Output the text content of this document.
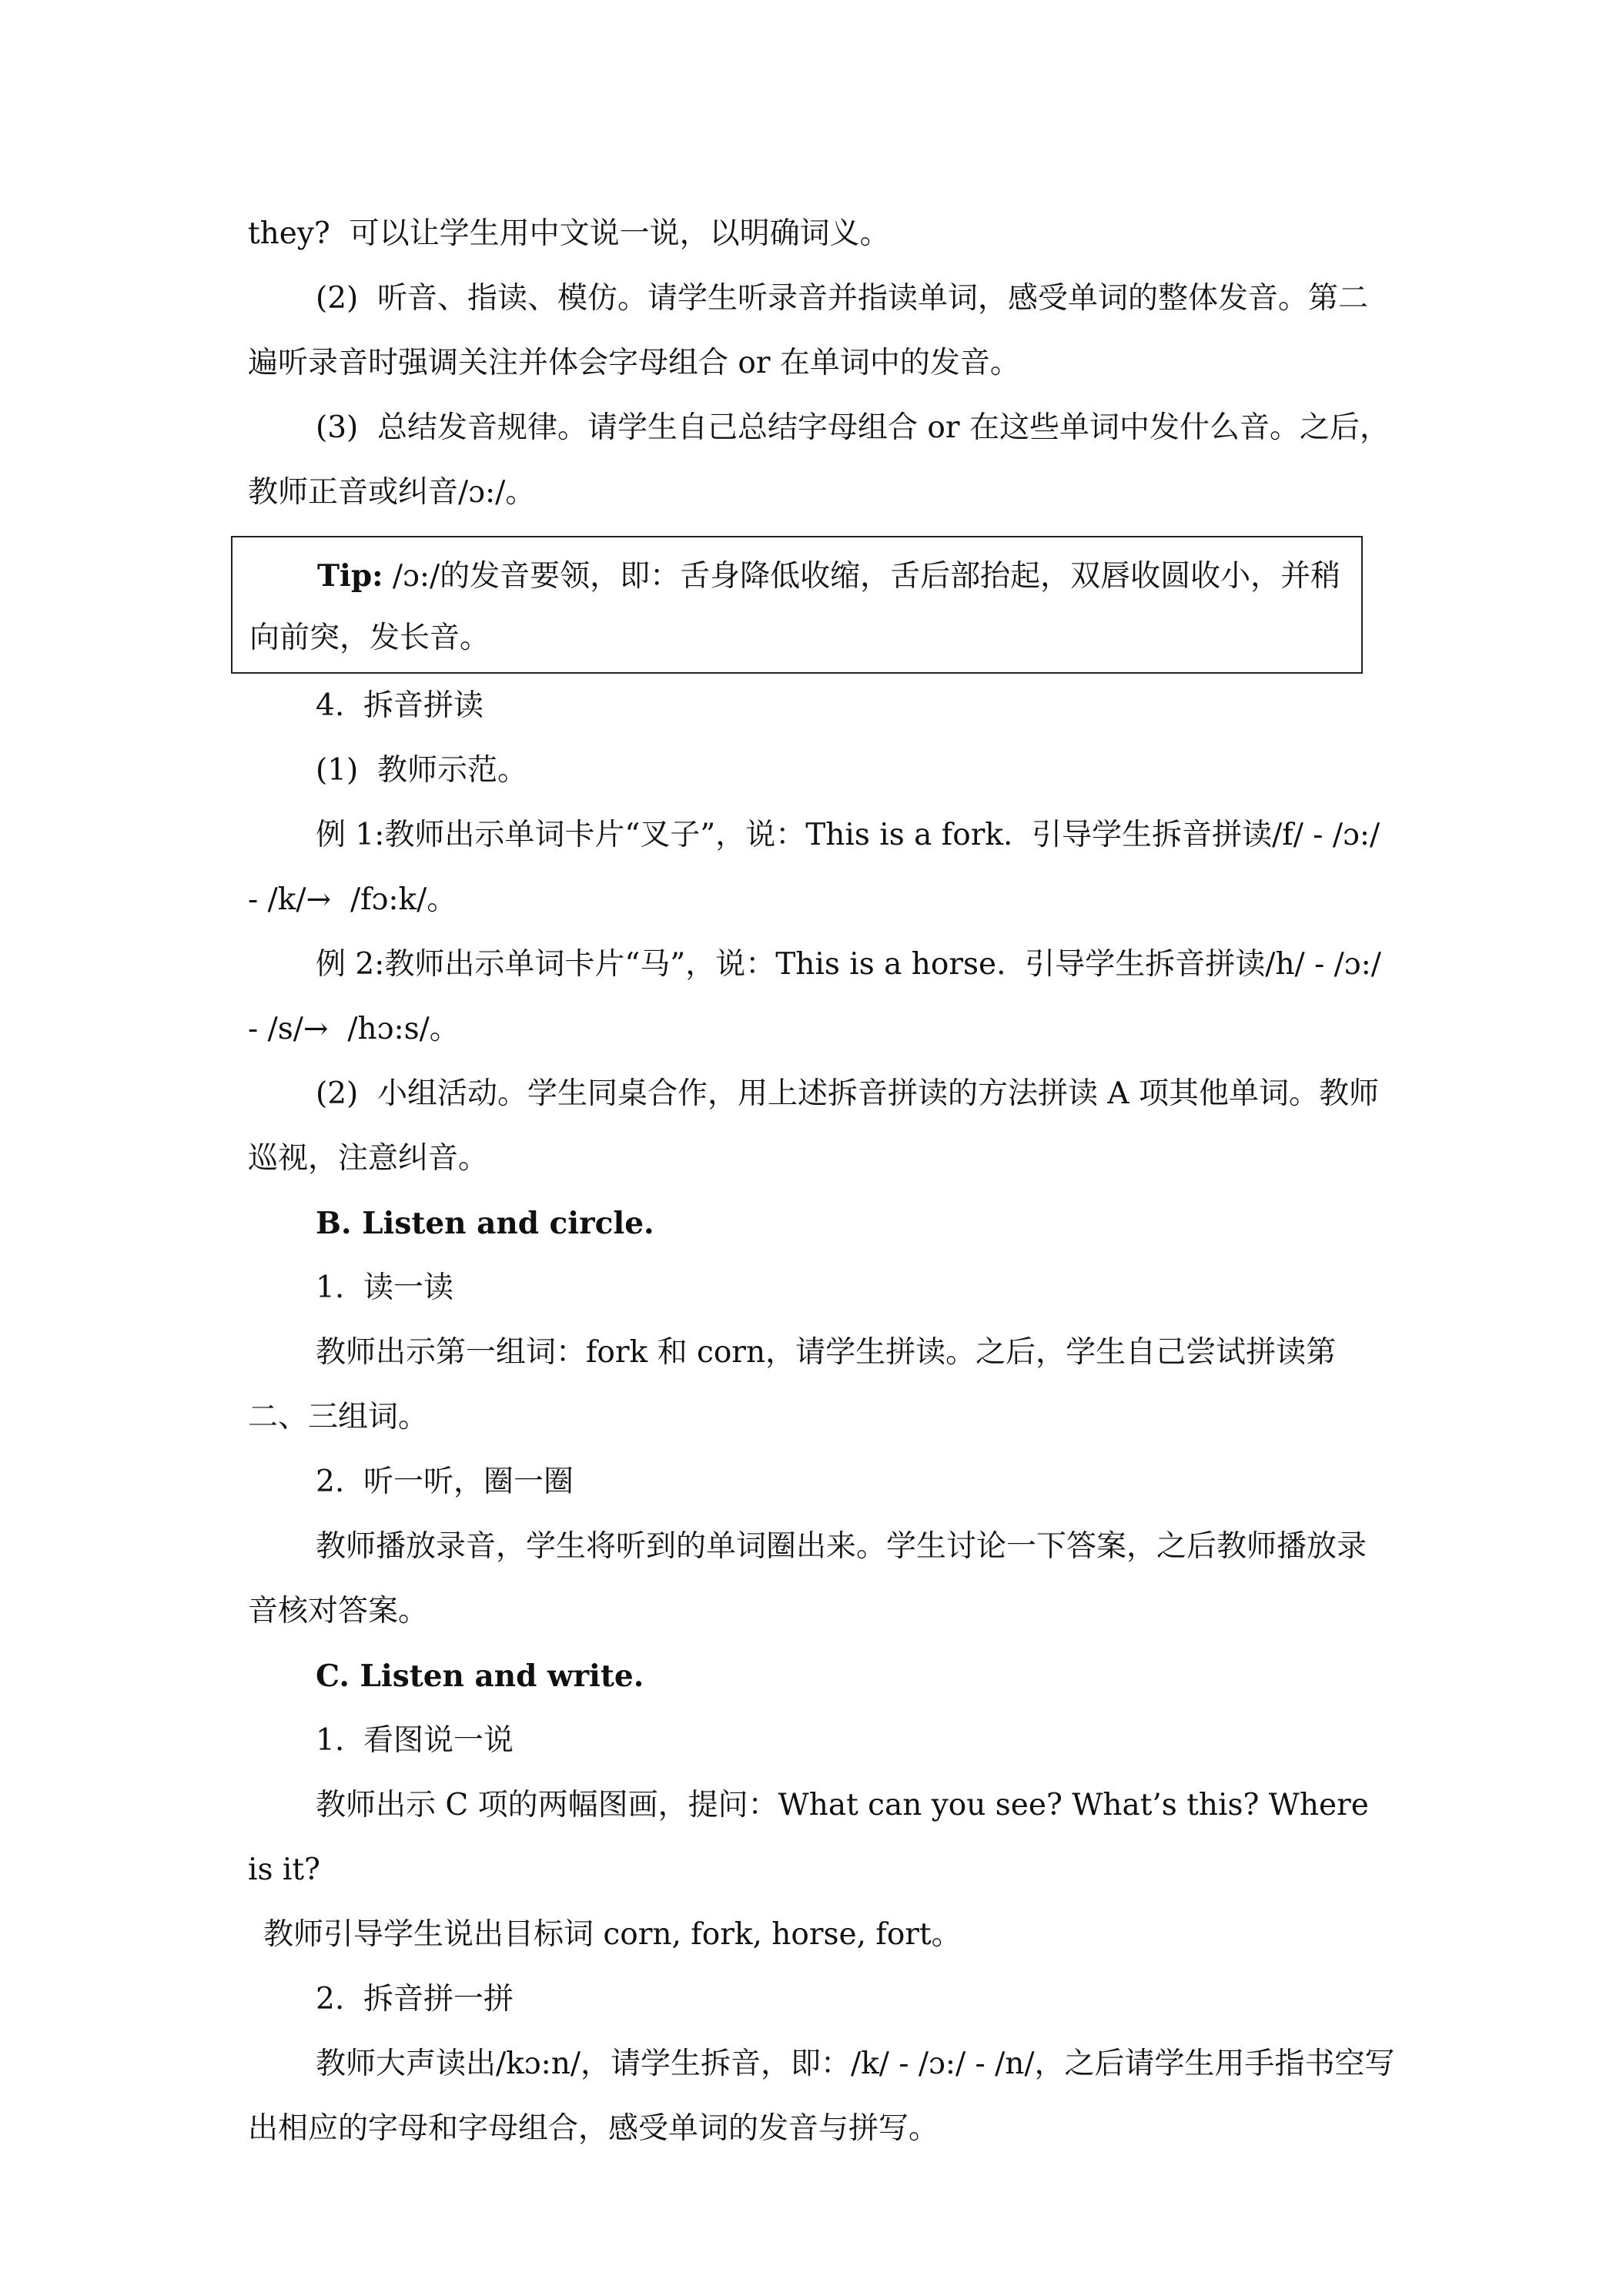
they?  可以让学生用中文说一说，以明确词义。

(2)  听音、指读、模仿。请学生听录音并指读单词，感受单词的整体发音。第二遍听录音时强调关注并体会字母组合 or 在单词中的发音。

(3)  总结发音规律。请学生自己总结字母组合 or 在这些单词中发什么音。之后，教师正音或纠音/ɔ:/。

Tip: /ɔ:/的发音要领，即：舌身降低收缩，舌后部抬起，双唇收圆收小，并稍向前突，发长音。

4.  拆音拼读

(1)  教师示范。

例 1:教师出示单词卡片“叉子”，说：This is a fork.  引导学生拆音拼读/f/ - /ɔ:/ - /k/→  /fɔ:k/。

例 2:教师出示单词卡片“马”，说：This is a horse.  引导学生拆音拼读/h/ - /ɔ:/ - /s/→  /hɔ:s/。

(2)  小组活动。学生同桌合作，用上述拆音拼读的方法拼读 A 项其他单词。教师巡视，注意纠音。

B. Listen and circle.

1.  读一读

教师出示第一组词：fork 和 corn，请学生拼读。之后，学生自己尝试拼读第二、三组词。

2.  听一听，圈一圈

教师播放录音，学生将听到的单词圈出来。学生讨论一下答案，之后教师播放录音核对答案。

C. Listen and write.

1.  看图说一说

教师出示 C 项的两幅图画，提问：What can you see? What’s this? Where is it?

教师引导学生说出目标词 corn, fork, horse, fort。

2.  拆音拼一拼

教师大声读出/kɔ:n/，请学生拆音，即：/k/ - /ɔ:/ - /n/，之后请学生用手指书空写出相应的字母和字母组合，感受单词的发音与拼写。
